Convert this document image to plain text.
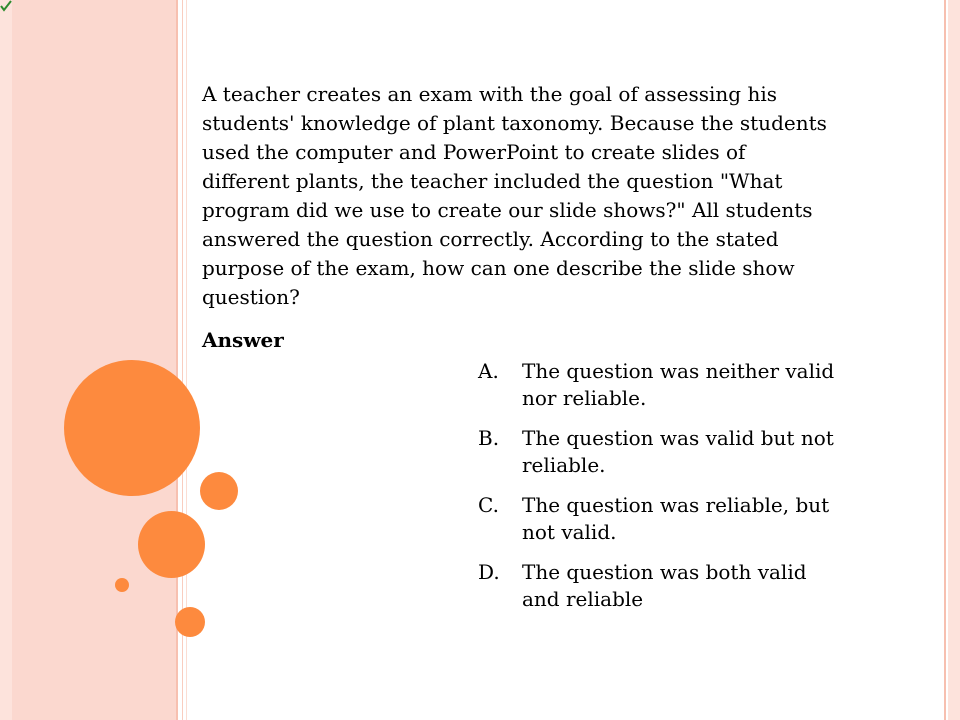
A teacher creates an exam with the goal of assessing his students' knowledge of plant taxonomy. Because the students used the computer and PowerPoint to create slides of different plants, the teacher included the question "What program did we use to create our slide shows?" All students answered the question correctly. According to the stated purpose of the exam, how can one describe the slide show question?

Answer
A.	The question was neither valid nor reliable.
B.	The question was valid but not reliable.
C.	The question was reliable, but not valid.
D.	The question was both valid and reliable
